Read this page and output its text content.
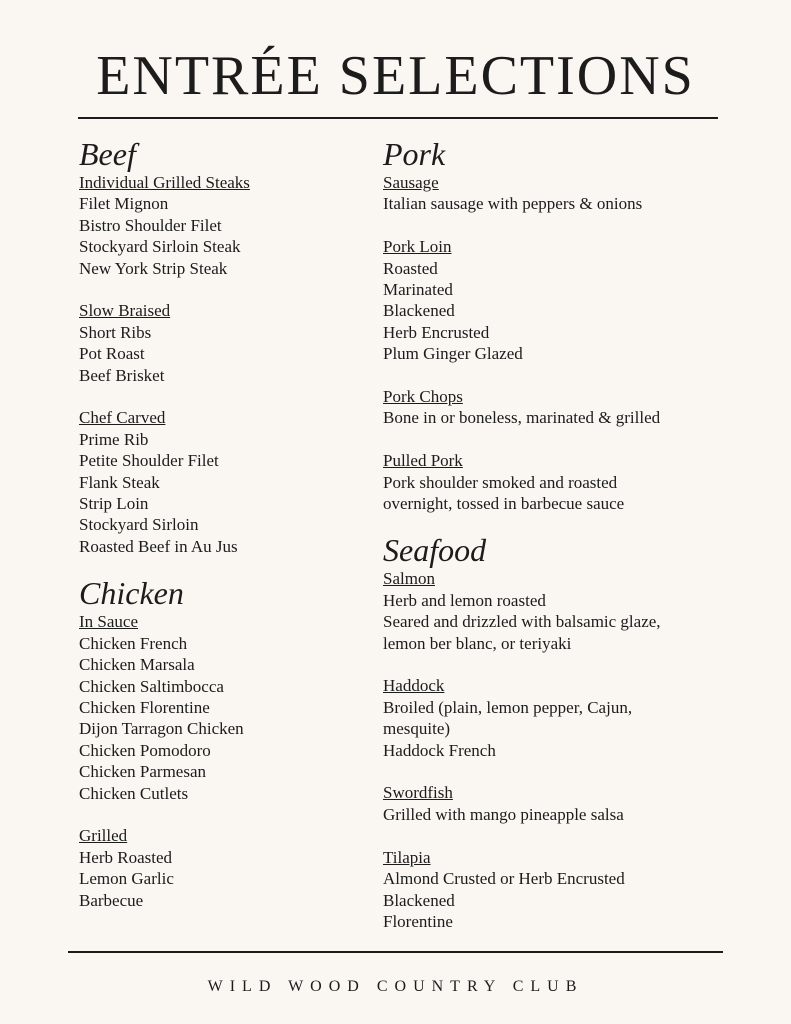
ENTRÉE SELECTIONS
Beef
Individual Grilled Steaks
Filet Mignon
Bistro Shoulder Filet
Stockyard Sirloin Steak
New York Strip Steak
Slow Braised
Short Ribs
Pot Roast
Beef Brisket
Chef Carved
Prime Rib
Petite Shoulder Filet
Flank Steak
Strip Loin
Stockyard Sirloin
Roasted Beef in Au Jus
Chicken
In Sauce
Chicken French
Chicken Marsala
Chicken Saltimbocca
Chicken Florentine
Dijon Tarragon Chicken
Chicken Pomodoro
Chicken Parmesan
Chicken Cutlets
Grilled
Herb Roasted
Lemon Garlic
Barbecue
Pork
Sausage
Italian sausage with peppers & onions
Pork Loin
Roasted
Marinated
Blackened
Herb Encrusted
Plum Ginger Glazed
Pork Chops
Bone in or boneless, marinated & grilled
Pulled Pork
Pork shoulder smoked and roasted
overnight, tossed in barbecue sauce
Seafood
Salmon
Herb and lemon roasted
Seared and drizzled with balsamic glaze,
lemon ber blanc, or teriyaki
Haddock
Broiled (plain, lemon pepper, Cajun,
mesquite)
Haddock French
Swordfish
Grilled with mango pineapple salsa
Tilapia
Almond Crusted or Herb Encrusted
Blackened
Florentine
WILD WOOD COUNTRY CLUB
